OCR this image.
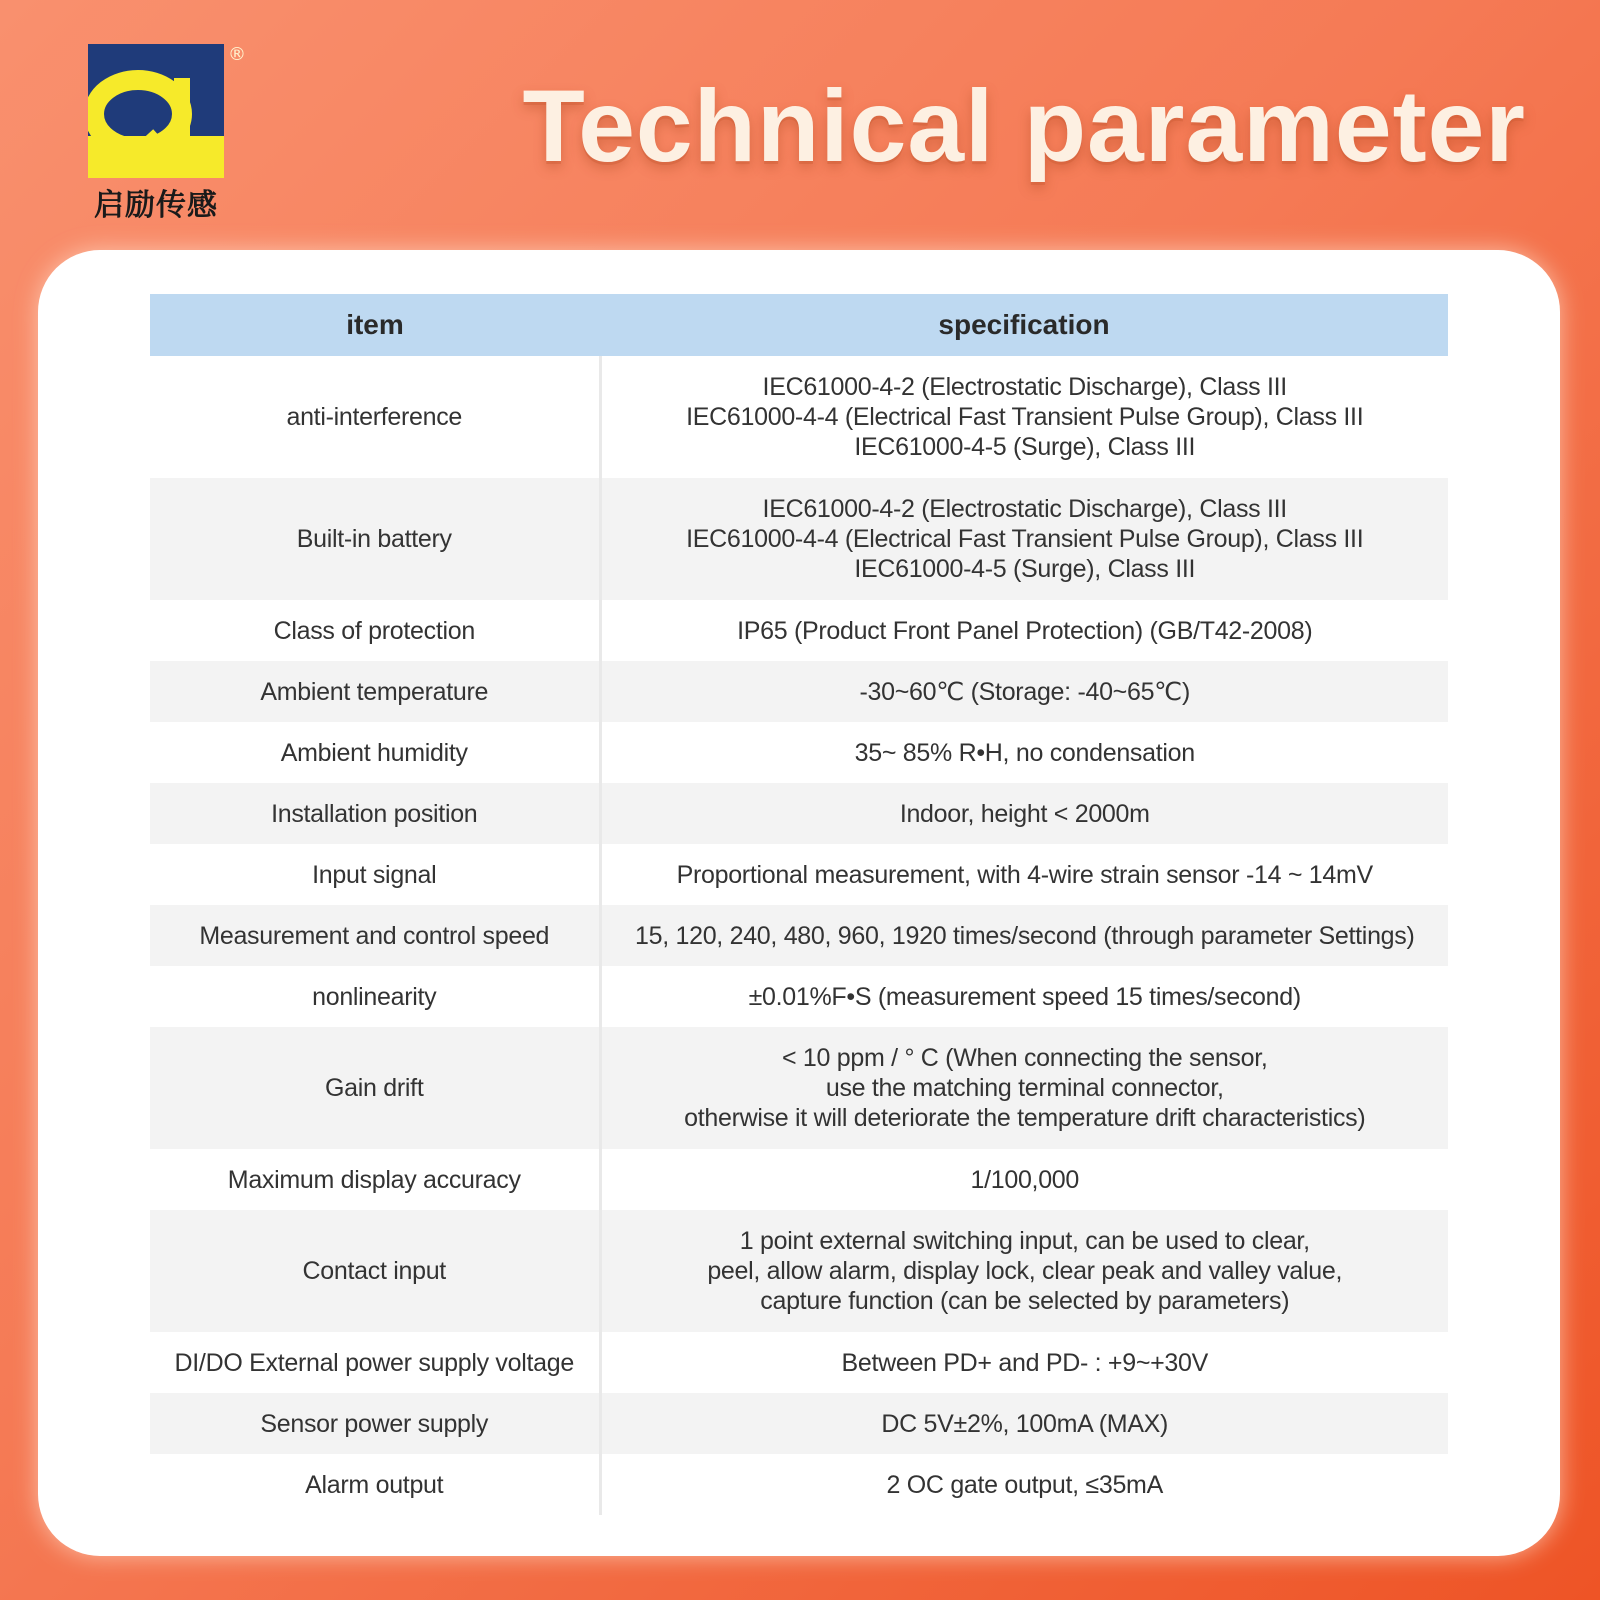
®
启励传感
Technical parameter
item	specification
anti-interference	IEC61000-4-2 (Electrostatic Discharge), Class III
IEC61000-4-4 (Electrical Fast Transient Pulse Group), Class III
IEC61000-4-5 (Surge), Class III

Built-in battery	IEC61000-4-2 (Electrostatic Discharge), Class III
IEC61000-4-4 (Electrical Fast Transient Pulse Group), Class III
IEC61000-4-5 (Surge), Class III

Class of protection	IP65 (Product Front Panel Protection) (GB/T42-2008)

Ambient temperature	-30~60℃ (Storage: -40~65℃)

Ambient humidity	35~ 85% R•H, no condensation

Installation position	Indoor, height < 2000m

Input signal	Proportional measurement, with 4-wire strain sensor -14 ~ 14mV

Measurement and control speed	15, 120, 240, 480, 960, 1920 times/second (through parameter Settings)

nonlinearity	±0.01%F•S (measurement speed 15 times/second)

Gain drift	< 10 ppm / ° C (When connecting the sensor,
use the matching terminal connector,
otherwise it will deteriorate the temperature drift characteristics)

Maximum display accuracy	1/100,000

Contact input	1 point external switching input, can be used to clear,
peel, allow alarm, display lock, clear peak and valley value,
capture function (can be selected by parameters)

DI/DO External power supply voltage	Between PD+ and PD- : +9~+30V

Sensor power supply	DC 5V±2%, 100mA (MAX)

Alarm output	2 OC gate output, ≤35mA
